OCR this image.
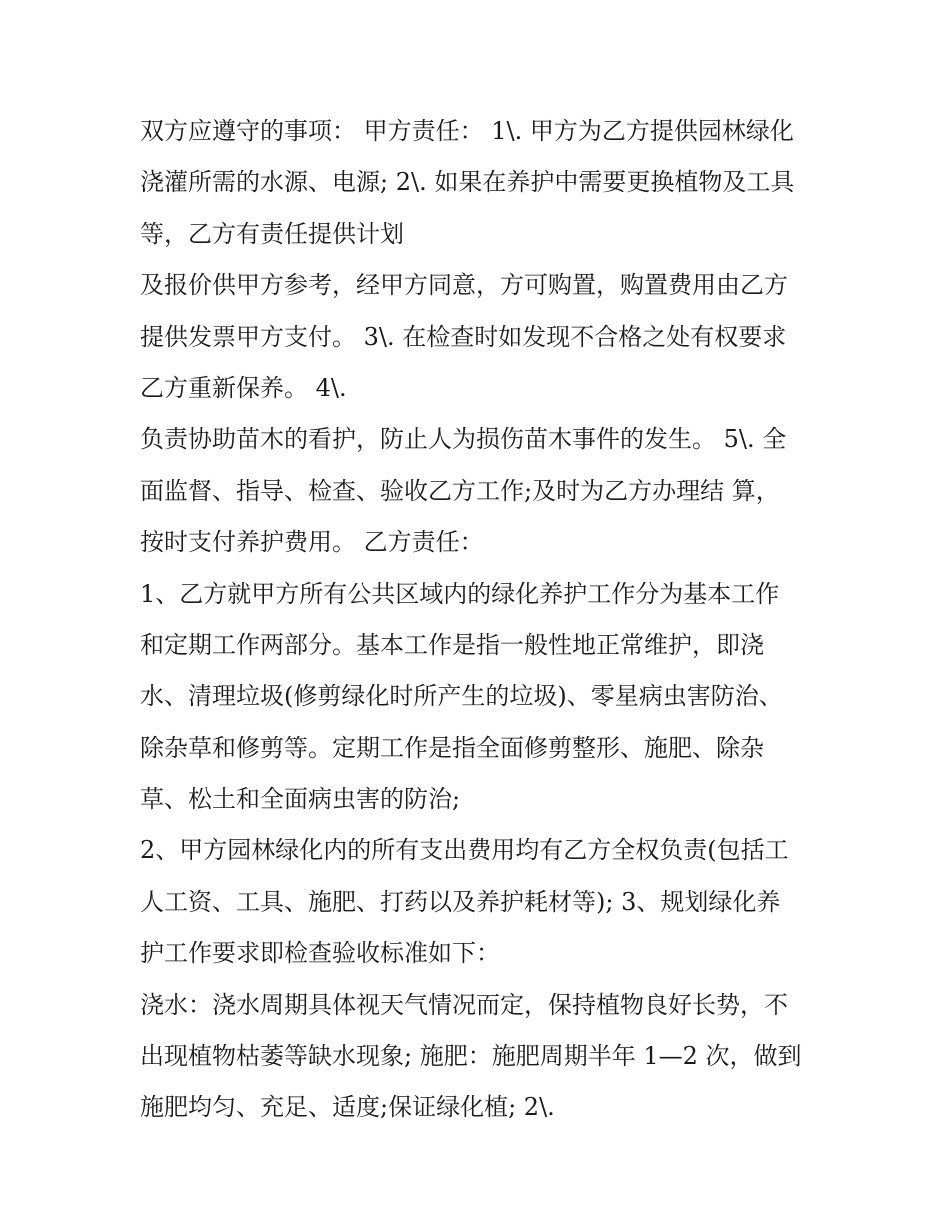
双方应遵守的事项： 甲方责任： 1\. 甲方为乙方提供园林绿化
浇灌所需的水源、电源; 2\. 如果在养护中需要更换植物及工具
等，乙方有责任提供计划
及报价供甲方参考，经甲方同意，方可购置，购置费用由乙方
提供发票甲方支付。 3\. 在检查时如发现不合格之处有权要求
乙方重新保养。 4\.
负责协助苗木的看护，防止人为损伤苗木事件的发生。 5\. 全
面监督、指导、检查、验收乙方工作;及时为乙方办理结 算，
按时支付养护费用。 乙方责任：
1、乙方就甲方所有公共区域内的绿化养护工作分为基本工作
和定期工作两部分。基本工作是指一般性地正常维护，即浇
水、清理垃圾(修剪绿化时所产生的垃圾)、零星病虫害防治、
除杂草和修剪等。定期工作是指全面修剪整形、施肥、除杂
草、松土和全面病虫害的防治;
2、甲方园林绿化内的所有支出费用均有乙方全权负责(包括工
人工资、工具、施肥、打药以及养护耗材等); 3、规划绿化养
护工作要求即检查验收标准如下：
浇水：浇水周期具体视天气情况而定，保持植物良好长势，不
出现植物枯萎等缺水现象; 施肥：施肥周期半年 1—2 次，做到
施肥均匀、充足、适度;保证绿化植; 2\.
